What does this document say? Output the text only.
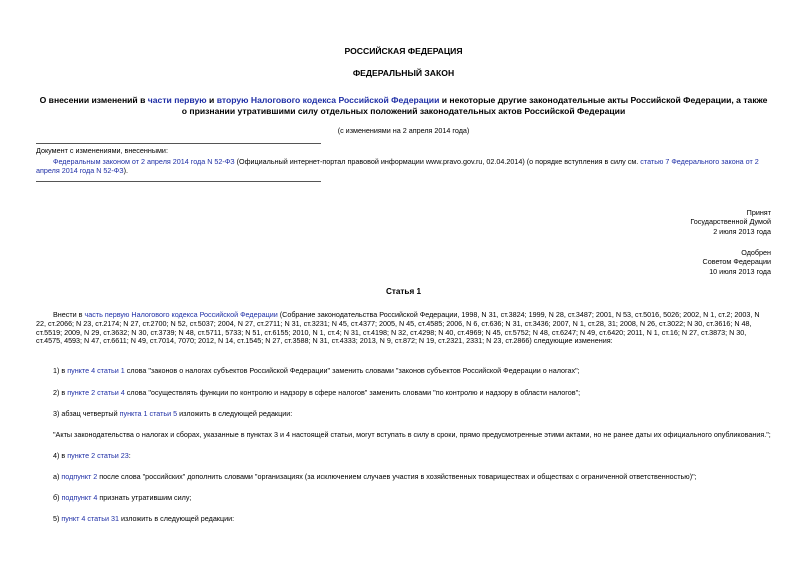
РОССИЙСКАЯ ФЕДЕРАЦИЯ
ФЕДЕРАЛЬНЫЙ ЗАКОН
О внесении изменений в части первую и вторую Налогового кодекса Российской Федерации и некоторые другие законодательные акты Российской Федерации, а также о признании утратившими силу отдельных положений законодательных актов Российской Федерации
(с изменениями на 2 апреля 2014 года)

Документ с изменениями, внесенными:

Федеральным законом от 2 апреля 2014 года N 52-ФЗ (Официальный интернет-портал правовой информации www.pravo.gov.ru, 02.04.2014) (о порядке вступления в силу см. статью 7 Федерального закона от 2 апреля 2014 года N 52-ФЗ).

Принят
Государственной Думой
2 июля 2013 года
Одобрен
Советом Федерации
10 июля 2013 года
Статья 1

Внести в часть первую Налогового кодекса Российской Федерации (Собрание законодательства Российской Федерации, 1998, N 31, ст.3824; 1999, N 28, ст.3487; 2001, N 53, ст.5016, 5026; 2002, N 1, ст.2; 2003, N 22, ст.2066; N 23, ст.2174; N 27, ст.2700; N 52, ст.5037; 2004, N 27, ст.2711; N 31, ст.3231; N 45, ст.4377; 2005, N 45, ст.4585; 2006, N 6, ст.636; N 31, ст.3436; 2007, N 1, ст.28, 31; 2008, N 26, ст.3022; N 30, ст.3616; N 48, ст.5519; 2009, N 29, ст.3632; N 30, ст.3739; N 48, ст.5711, 5733; N 51, ст.6155; 2010, N 1, ст.4; N 31, ст.4198; N 32, ст.4298; N 40, ст.4969; N 45, ст.5752; N 48, ст.6247; N 49, ст.6420; 2011, N 1, ст.16; N 27, ст.3873; N 30, ст.4575, 4593; N 47, ст.6611; N 49, ст.7014, 7070; 2012, N 14, ст.1545; N 27, ст.3588; N 31, ст.4333; 2013, N 9, ст.872; N 19, ст.2321, 2331; N 23, ст.2866) следующие изменения:

1) в пункте 4 статьи 1 слова "законов о налогах субъектов Российской Федерации" заменить словами "законов субъектов Российской Федерации о налогах";

2) в пункте 2 статьи 4 слова "осуществлять функции по контролю и надзору в сфере налогов" заменить словами "по контролю и надзору в области налогов";

3) абзац четвертый пункта 1 статьи 5 изложить в следующей редакции:

"Акты законодательства о налогах и сборах, указанные в пунктах 3 и 4 настоящей статьи, могут вступать в силу в сроки, прямо предусмотренные этими актами, но не ранее даты их официального опубликования.";

4) в пункте 2 статьи 23:

а) подпункт 2 после слова "российских" дополнить словами "организациях (за исключением случаев участия в хозяйственных товариществах и обществах с ограниченной ответственностью)";

б) подпункт 4 признать утратившим силу;

5) пункт 4 статьи 31 изложить в следующей редакции:
